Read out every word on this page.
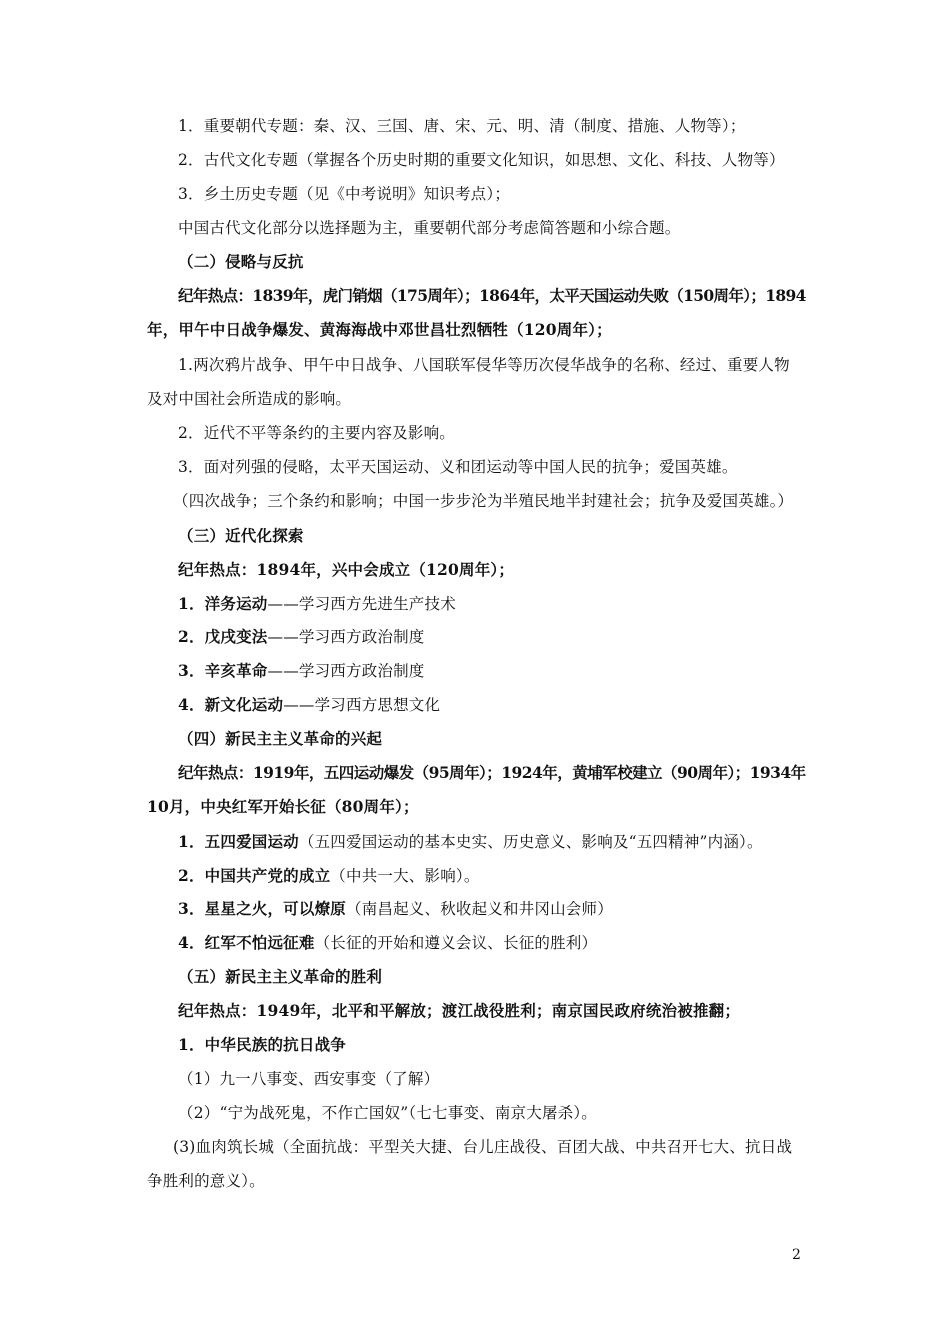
1．重要朝代专题：秦、汉、三国、唐、宋、元、明、清（制度、措施、人物等）；
2．古代文化专题（掌握各个历史时期的重要文化知识，如思想、文化、科技、人物等）
3．乡土历史专题（见《中考说明》知识考点）；
中国古代文化部分以选择题为主，重要朝代部分考虑简答题和小综合题。
（二）侵略与反抗
纪年热点：1839年，虎门销烟（175周年）；1864年，太平天国运动失败（150周年）；1894
年，甲午中日战争爆发、黄海海战中邓世昌壮烈牺牲（120周年）；
1.两次鸦片战争、甲午中日战争、八国联军侵华等历次侵华战争的名称、经过、重要人物
及对中国社会所造成的影响。
2．近代不平等条约的主要内容及影响。
3．面对列强的侵略，太平天国运动、义和团运动等中国人民的抗争；爱国英雄。
（四次战争；三个条约和影响；中国一步步沦为半殖民地半封建社会；抗争及爱国英雄。）
（三）近代化探索
纪年热点：1894年，兴中会成立（120周年）；
1．洋务运动——学习西方先进生产技术
2．戊戌变法——学习西方政治制度
3．辛亥革命——学习西方政治制度
4．新文化运动——学习西方思想文化
（四）新民主主义革命的兴起
纪年热点：1919年，五四运动爆发（95周年）；1924年，黄埔军校建立（90周年）；1934年
10月，中央红军开始长征（80周年）；
1．五四爱国运动（五四爱国运动的基本史实、历史意义、影响及“五四精神”内涵）。
2．中国共产党的成立（中共一大、影响）。
3．星星之火，可以燎原（南昌起义、秋收起义和井冈山会师）
4．红军不怕远征难（长征的开始和遵义会议、长征的胜利）
（五）新民主主义革命的胜利
纪年热点：1949年，北平和平解放；渡江战役胜利；南京国民政府统治被推翻；
1．中华民族的抗日战争
（1）九一八事变、西安事变（了解）
（2）“宁为战死鬼，不作亡国奴”（七七事变、南京大屠杀）。
(3)血肉筑长城（全面抗战：平型关大捷、台儿庄战役、百团大战、中共召开七大、抗日战
争胜利的意义）。
2
